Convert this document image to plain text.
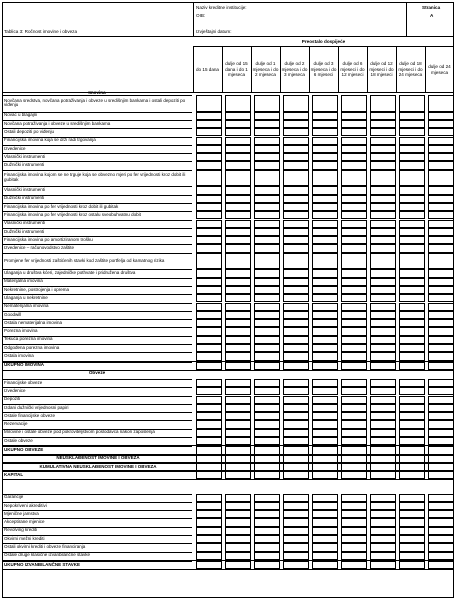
Naziv kreditne institucije:
OIB:
Stranica
A
Tablica 3: Ročnost imovine i obveza	Izvještajni datum:
Preostalo dospijeće
do 15 dana
dulje od 15 dana i do 1 mjeseca
dulje od 1 mjeseca i do 2 mjeseca
dulje od 2 mjeseca i do 3 mjeseca
dulje od 3 mjeseca i do 6 mjeseci
dulje od 6 mjeseci i do 12 mjeseci
dulje od 12 mjeseci i do 18 mjeseci
dulje od 18 mjeseci i do 24 mjeseca
dulje od 24 mjeseca
Imovina
Novčana sredstva, novčana potraživanja i obveze u središnjim bankama i ostali depoziti po viđenju
Novac u blagajni
Novčana potraživanja i obveze u središnjim bankama
Ostali depoziti po viđenju
Financijska imovina koja se drži radi trgovanja
Izvedenice
Vlasnički instrumenti
Dužnički instrumenti
Financijska imovina kojom se ne trguje koja se obvezno mjeri po fer vrijednosti kroz dobit ili gubitak
Vlasnički instrumenti
Dužnički instrumenti
Financijska imovina po fer vrijednosti kroz dobit ili gubitak
Financijska imovina po fer vrijednosti kroz ostalu sveobuhvatnu dobit
Vlasnički instrumenti
Dužnički instrumenti
Financijska imovina po amortiziranom trošku
Izvedenice – računovodstvo zaštite
Promjene fer vrijednosti zaštićenih stavki kod zaštite portfelja od kamatnog rizika
Ulaganja u društva kćeri, zajedničke pothvate i pridružena društva
Materijalna imovina
Nekretnine, postrojenja i oprema
Ulaganja u nekretnine
Nematerijalna imovina
Goodwill
Ostala nematerijalna imovina
Porezna imovina
Tekuća porezna imovina
Odgođena porezna imovina
Ostala imovina
UKUPNO IMOVINA
Obveze
Financijske obveze
Izvedenice
Depoziti
Izdani dužnički vrijednosni papiri
Ostale financijske obveze
Rezervacije
Mirovine i ostale obveze pod pokroviteljstvom poslodavca nakon zaposlenja
Ostale obveze
UKUPNO OBVEZE
NEUSKLAĐENOST IMOVINE I OBVEZA
KUMULATIVNA NEUSKLAĐENOST IMOVINE I OBVEZA
KAPITAL
Garancije
Nepokriveni akreditivi
Mjenične jamstva
Akceptirane mjenice
Revolving krediti
Okvirni mežni krediti
Ostali okvirni krediti i obveze financiranja
Ostale druge klasične izvanbilančne stavke
UKUPNO IZVANBILANČNE STAVKE
